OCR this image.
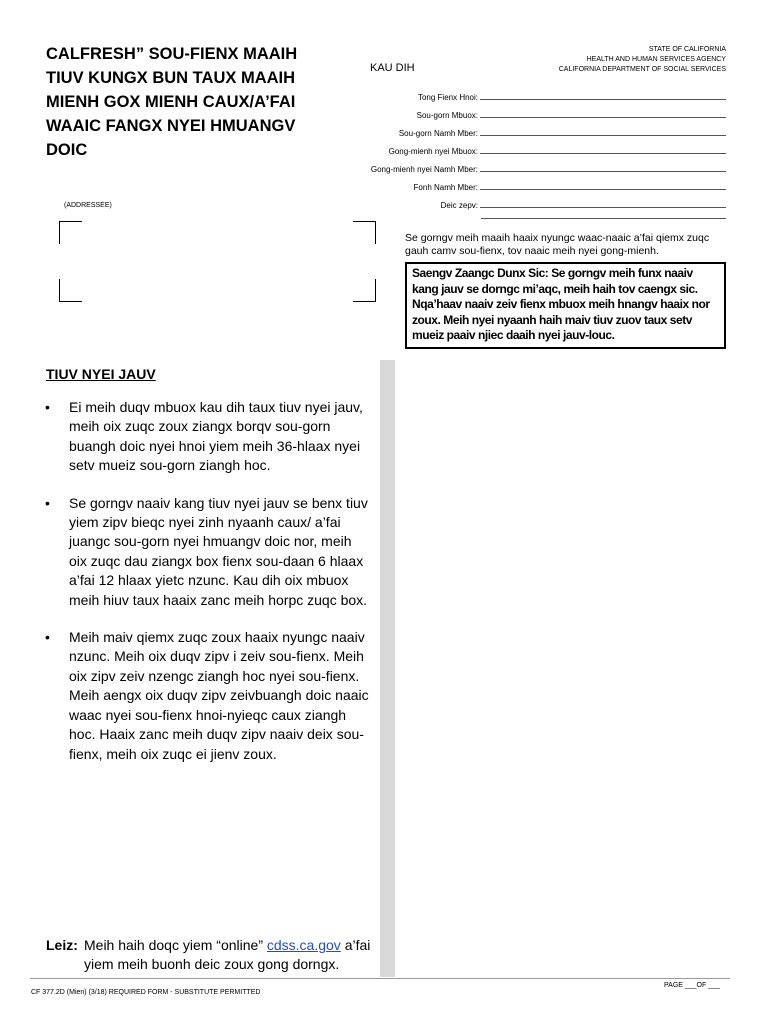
CALFRESH” SOU-FIENX MAAIH
TIUV KUNGX BUN TAUX MAAIH
MIENH GOX MIENH CAUX/A’FAI
WAAIC FANGX NYEI HMUANGV
DOIC
STATE OF CALIFORNIA
HEALTH AND HUMAN SERVICES AGENCY
CALIFORNIA DEPARTMENT OF SOCIAL SERVICES
KAU DIH
Tong Fienx Hnoi:
Sou-gorn Mbuox:
Sou-gorn Namh Mber:
Gong-mienh nyei Mbuox:
Gong-mienh nyei Namh Mber:
Fonh Namh Mber:
Deic zepv:
(ADDRESSEE)
Se gorngv meih maaih haaix nyungc waac-naaic a’fai qiemx zuqc gauh camv sou-fienx, tov naaic meih nyei gong-mienh.
Saengv Zaangc Dunx Sic: Se gorngv meih funx naaiv kang jauv se dorngc mi’aqc, meih haih tov caengx sic. Nqa’haav naaiv zeiv fienx mbuox meih hnangv haaix nor zoux. Meih nyei nyaanh haih maiv tiuv zuov taux setv mueiz paaiv njiec daaih nyei jauv-louc.
TIUV NYEI JAUV
•	Ei meih duqv mbuox kau dih taux tiuv nyei jauv, meih oix zuqc zoux ziangx borqv sou-gorn buangh doic nyei hnoi yiem meih 36-hlaax nyei setv mueiz sou-gorn ziangh hoc.
•	Se gorngv naaiv kang tiuv nyei jauv se benx tiuv yiem zipv bieqc nyei zinh nyaanh caux/ a’fai juangc sou-gorn nyei hmuangv doic nor, meih oix zuqc dau ziangx box fienx sou-daan 6 hlaax a’fai 12 hlaax yietc nzunc. Kau dih oix mbuox meih hiuv taux haaix zanc meih horpc zuqc box.
•	Meih maiv qiemx zuqc zoux haaix nyungc naaiv nzunc. Meih oix duqv zipv i zeiv sou-fienx. Meih oix zipv zeiv nzengc ziangh hoc nyei sou-fienx. Meih aengx oix duqv zipv zeivbuangh doic naaic waac nyei sou-fienx hnoi-nyieqc caux ziangh hoc. Haaix zanc meih duqv zipv naaiv deix sou-fienx, meih oix zuqc ei jienv zoux.
Leiz: Meih haih doqc yiem “online” cdss.ca.gov a’fai yiem meih buonh deic zoux gong dorngx.
CF 377.2D (Mien) (3/18) REQUIRED FORM - SUBSTITUTE PERMITTED
PAGE ___OF ___
